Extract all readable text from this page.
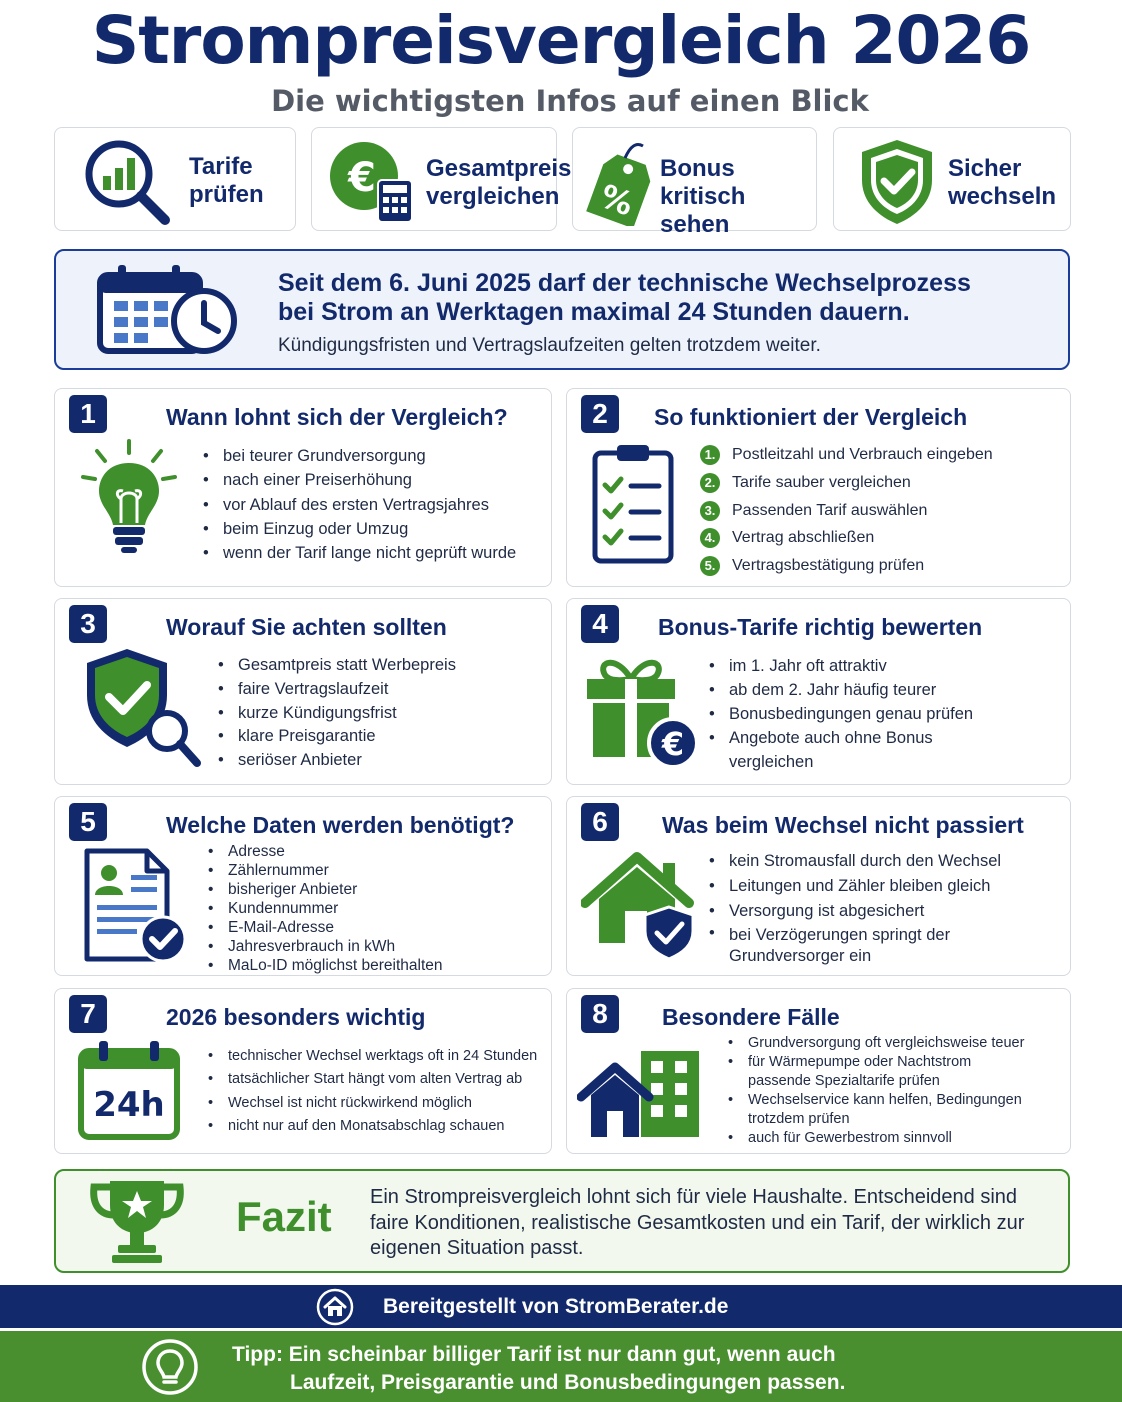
Strompreisvergleich 2026
Die wichtigsten Infos auf einen Blick
Tarife
prüfen € Gesamtpreis
vergleichen	%
Bonus
kritisch sehen
Sicher
wechseln
Seit dem 6. Juni 2025 darf der technische Wechselprozess
bei Strom an Werktagen maximal 24 Stunden dauern.
Kündigungsfristen und Vertragslaufzeiten gelten trotzdem weiter.
1	Wann lohnt sich der Vergleich?
• bei teurer Grundversorgung
• nach einer Preiserhöhung
• vor Ablauf des ersten Vertragsjahres
• beim Einzug oder Umzug
• wenn der Tarif lange nicht geprüft wurde
2	So funktioniert der Vergleich
1. Postleitzahl und Verbrauch eingeben
2. Tarife sauber vergleichen
3. Passenden Tarif auswählen
4. Vertrag abschließen
5. Vertragsbestätigung prüfen
3	Worauf Sie achten sollten
• Gesamtpreis statt Werbepreis
• faire Vertragslaufzeit
• kurze Kündigungsfrist
• klare Preisgarantie
• seriöser Anbieter
4	Bonus-Tarife richtig bewerten
€
• im 1. Jahr oft attraktiv
• ab dem 2. Jahr häufig teurer
• Bonusbedingungen genau prüfen
• Angebote auch ohne Bonus vergleichen
5	Welche Daten werden benötigt?
• Adresse
• Zählernummer
• bisheriger Anbieter
• Kundennummer
• E-Mail-Adresse
• Jahresverbrauch in kWh
• MaLo-ID möglichst bereithalten
6	Was beim Wechsel nicht passiert
• kein Stromausfall durch den Wechsel
• Leitungen und Zähler bleiben gleich
• Versorgung ist abgesichert
• bei Verzögerungen springt der Grundversorger ein
7	2026 besonders wichtig
24h
• technischer Wechsel werktags oft in 24 Stunden
• tatsächlicher Start hängt vom alten Vertrag ab
• Wechsel ist nicht rückwirkend möglich
• nicht nur auf den Monatsabschlag schauen
8	Besondere Fälle
• Grundversorgung oft vergleichsweise teuer
• für Wärmepumpe oder Nachtstrom passende Spezialtarife prüfen
• Wechselservice kann helfen, Bedingungen trotzdem prüfen
• auch für Gewerbestrom sinnvoll
Fazit Ein Strompreisvergleich lohnt sich für viele Haushalte. Entscheidend sind faire Konditionen, realistische Gesamtkosten und ein Tarif, der wirklich zur eigenen Situation passt.
Bereitgestellt von StromBerater.de
Tipp: Ein scheinbar billiger Tarif ist nur dann gut, wenn auch
Laufzeit, Preisgarantie und Bonusbedingungen passen.
